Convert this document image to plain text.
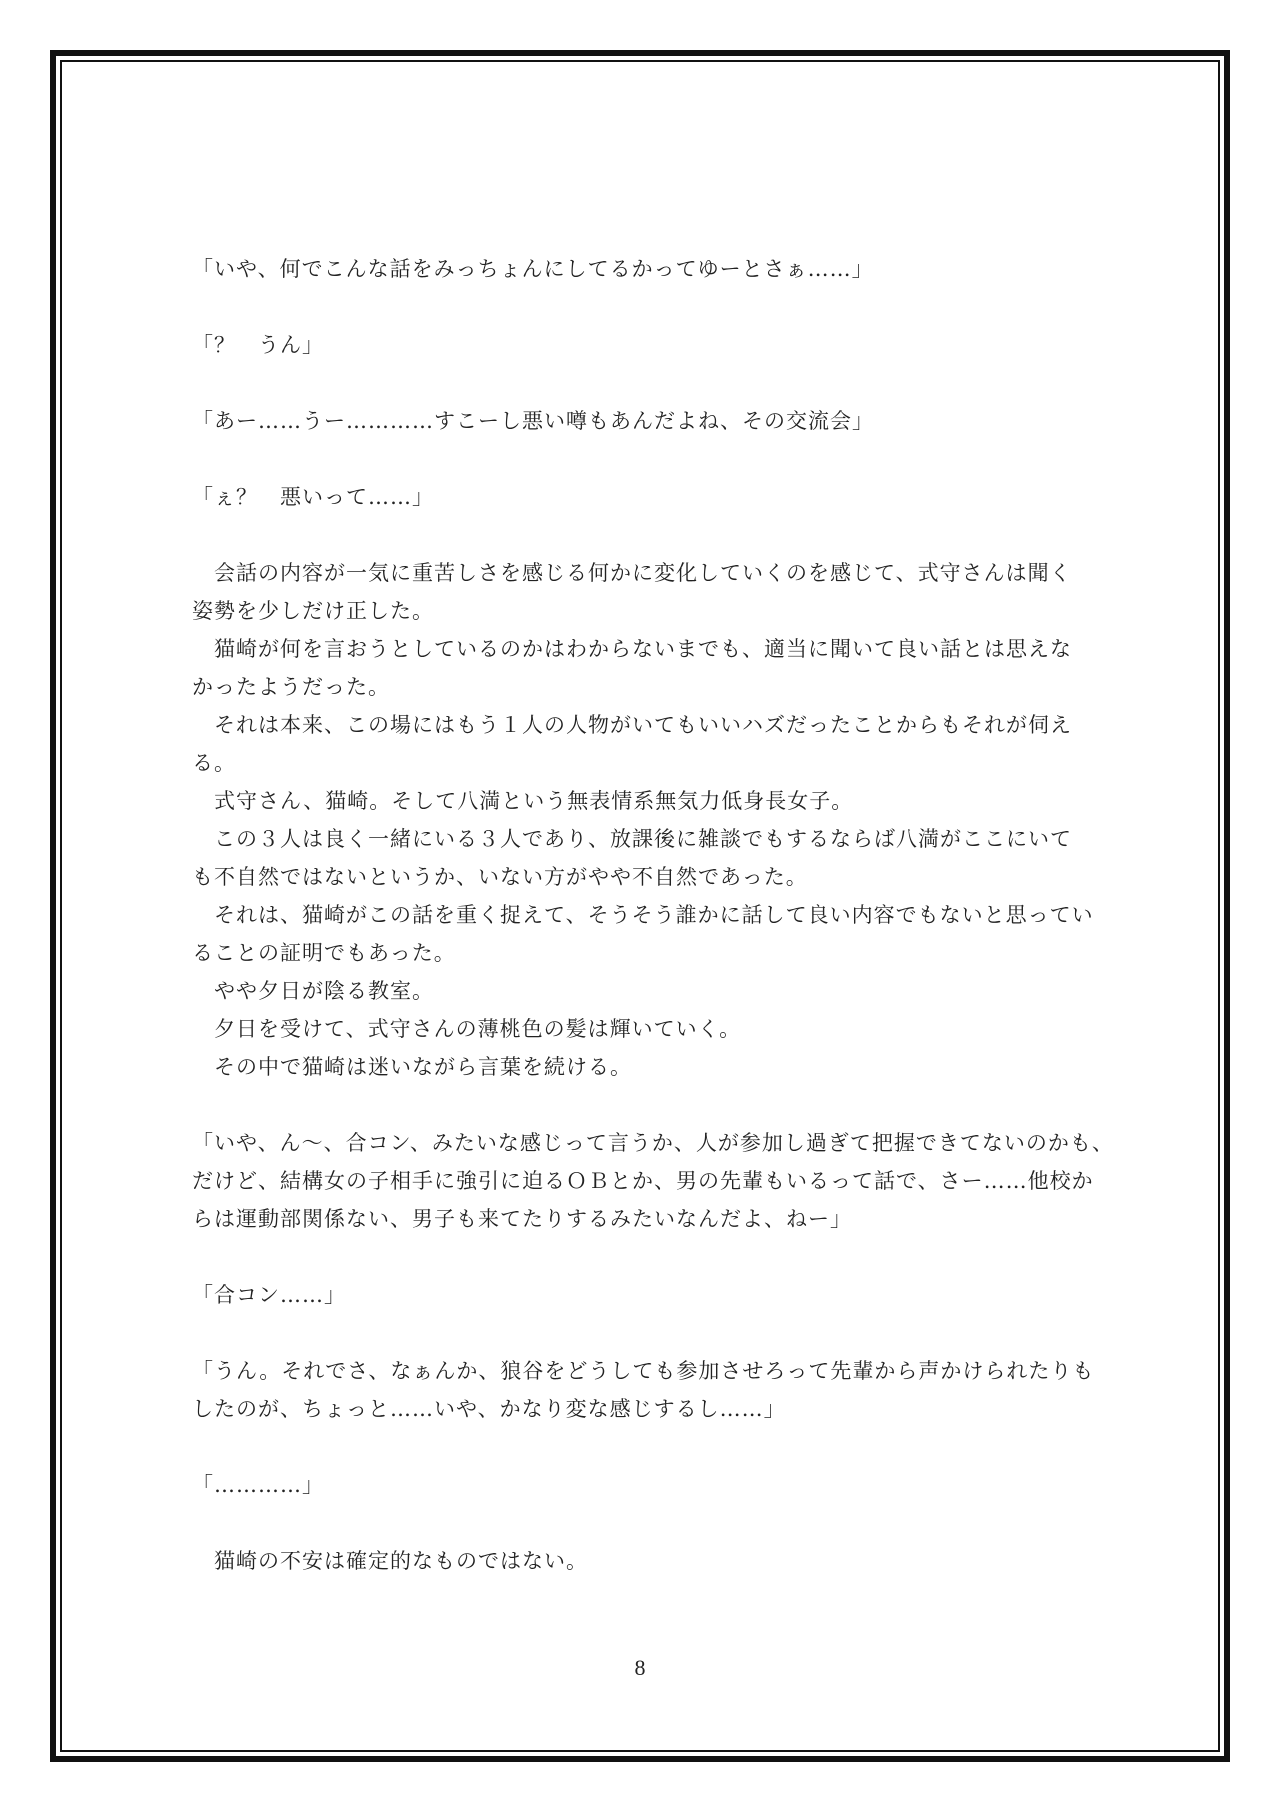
「いや、何でこんな話をみっちょんにしてるかってゆーとさぁ……」
「？　うん」
「あー……うー…………すこーし悪い噂もあんだよね、その交流会」
「ぇ？　悪いって……」
　会話の内容が一気に重苦しさを感じる何かに変化していくのを感じて、式守さんは聞く
姿勢を少しだけ正した。
　猫崎が何を言おうとしているのかはわからないまでも、適当に聞いて良い話とは思えな
かったようだった。
　それは本来、この場にはもう１人の人物がいてもいいハズだったことからもそれが伺え
る。
　式守さん、猫崎。そして八満という無表情系無気力低身長女子。
　この３人は良く一緒にいる３人であり、放課後に雑談でもするならば八満がここにいて
も不自然ではないというか、いない方がやや不自然であった。
　それは、猫崎がこの話を重く捉えて、そうそう誰かに話して良い内容でもないと思ってい
ることの証明でもあった。
　やや夕日が陰る教室。
　夕日を受けて、式守さんの薄桃色の髪は輝いていく。
　その中で猫崎は迷いながら言葉を続ける。
「いや、ん～、合コン、みたいな感じって言うか、人が参加し過ぎて把握できてないのかも、
だけど、結構女の子相手に強引に迫るＯＢとか、男の先輩もいるって話で、さー……他校か
らは運動部関係ない、男子も来てたりするみたいなんだよ、ねー」
「合コン……」
「うん。それでさ、なぁんか、狼谷をどうしても参加させろって先輩から声かけられたりも
したのが、ちょっと……いや、かなり変な感じするし……」
「…………」
　猫崎の不安は確定的なものではない。
8
